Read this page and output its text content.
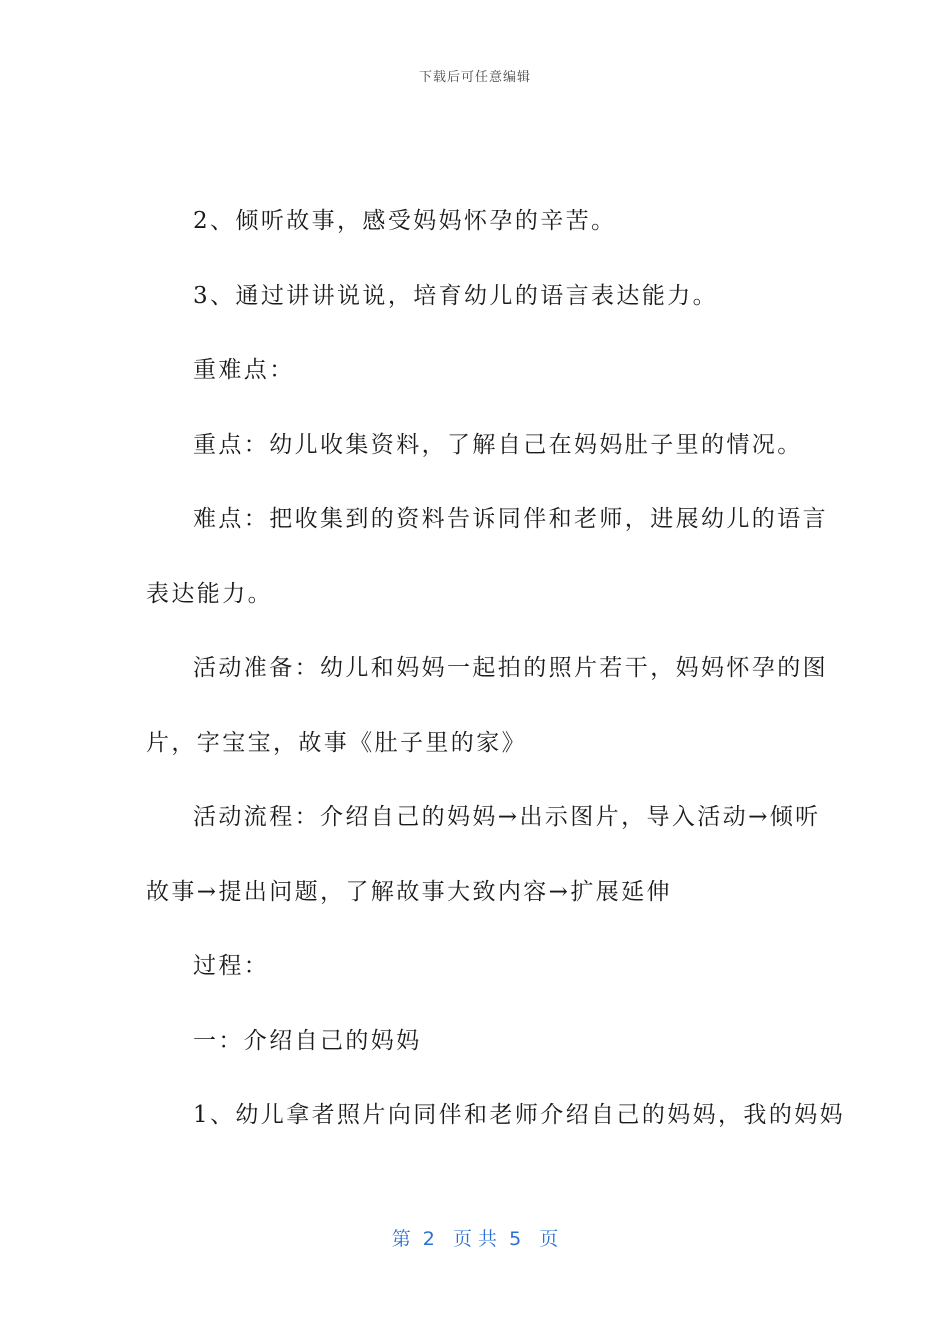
下载后可任意编辑
2、倾听故事，感受妈妈怀孕的辛苦。
3、通过讲讲说说，培育幼儿的语言表达能力。
重难点：
重点：幼儿收集资料，了解自己在妈妈肚子里的情况。
难点：把收集到的资料告诉同伴和老师，进展幼儿的语言
表达能力。
活动准备：幼儿和妈妈一起拍的照片若干，妈妈怀孕的图
片，字宝宝，故事《肚子里的家》
活动流程：介绍自己的妈妈→出示图片，导入活动→倾听
故事→提出问题，了解故事大致内容→扩展延伸
过程：
一：介绍自己的妈妈
1、幼儿拿者照片向同伴和老师介绍自己的妈妈，我的妈妈
第  2   页 共  5   页
